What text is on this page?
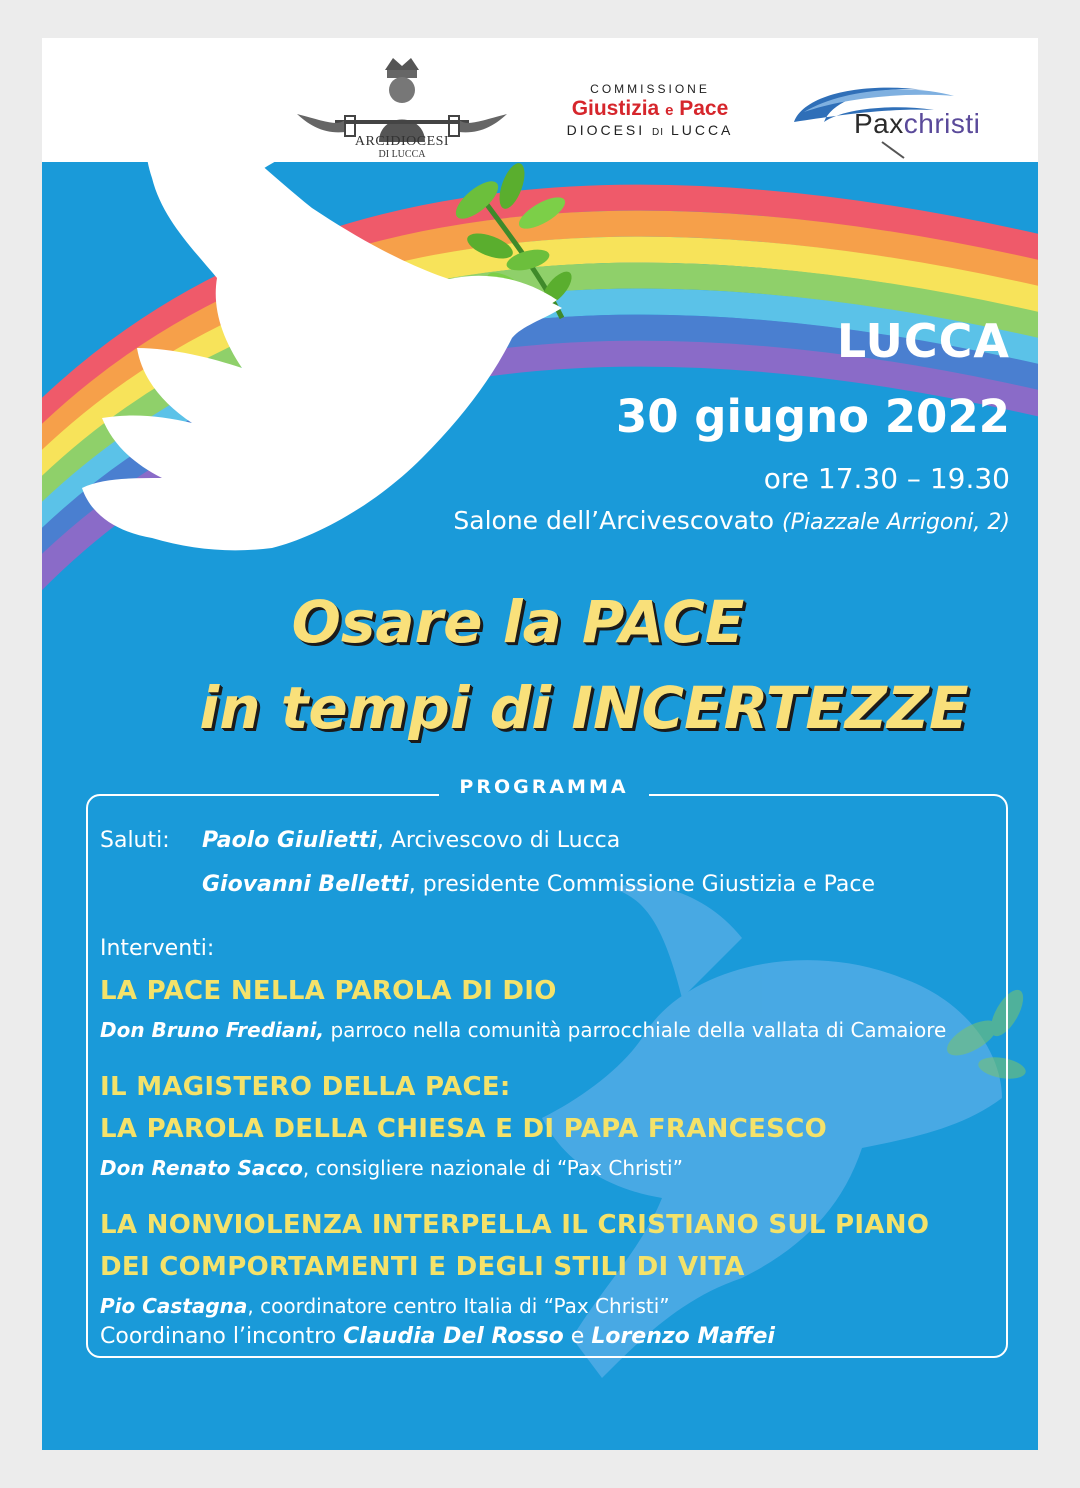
ARCIDIOCESI
DI LUCCA
COMMISSIONE
Giustizia e Pace
DIOCESI DI LUCCA	Paxchristi
LUCCA
30 giugno 2022
ore 17.30 – 19.30
Salone dell’Arcivescovato (Piazzale Arrigoni, 2)
Osare la PACE
in tempi di INCERTEZZE
PROGRAMMA
Saluti: Paolo Giulietti, Arcivescovo di Lucca
Giovanni Belletti, presidente Commissione Giustizia e Pace
Interventi:
LA PACE NELLA PAROLA DI DIO
Don Bruno Frediani, parroco nella comunità parrocchiale della vallata di Camaiore
IL MAGISTERO DELLA PACE:
LA PAROLA DELLA CHIESA E DI PAPA FRANCESCO
Don Renato Sacco, consigliere nazionale di “Pax Christi”
LA NONVIOLENZA INTERPELLA IL CRISTIANO SUL PIANO
DEI COMPORTAMENTI E DEGLI STILI DI VITA
Pio Castagna, coordinatore centro Italia di “Pax Christi”
Coordinano l’incontro Claudia Del Rosso e Lorenzo Maffei
